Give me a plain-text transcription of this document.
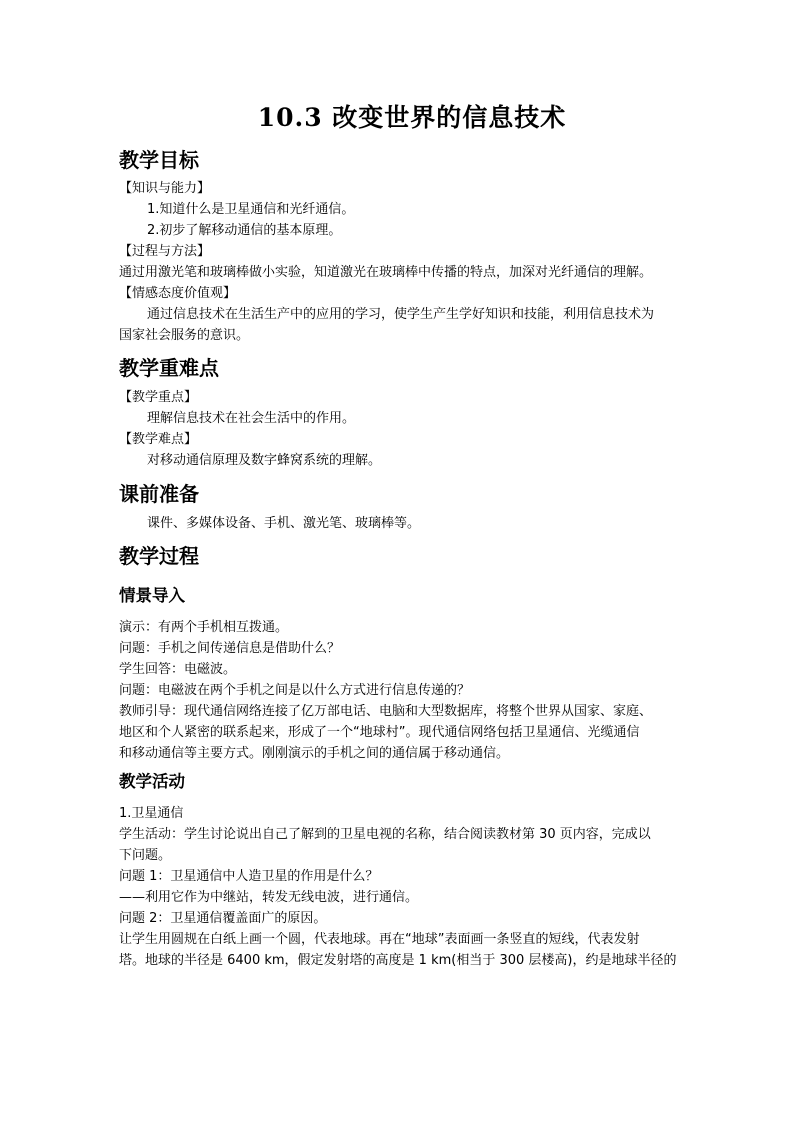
10.3 改变世界的信息技术
教学目标
【知识与能力】
1.知道什么是卫星通信和光纤通信。
2.初步了解移动通信的基本原理。
【过程与方法】
通过用激光笔和玻璃棒做小实验，知道激光在玻璃棒中传播的特点，加深对光纤通信的理解。
【情感态度价值观】
通过信息技术在生活生产中的应用的学习，使学生产生学好知识和技能，利用信息技术为
国家社会服务的意识。
教学重难点
【教学重点】
理解信息技术在社会生活中的作用。
【教学难点】
对移动通信原理及数字蜂窝系统的理解。
课前准备
课件、多媒体设备、手机、激光笔、玻璃棒等。
教学过程
情景导入
演示：有两个手机相互拨通。
问题：手机之间传递信息是借助什么？
学生回答：电磁波。
问题：电磁波在两个手机之间是以什么方式进行信息传递的？
教师引导：现代通信网络连接了亿万部电话、电脑和大型数据库，将整个世界从国家、家庭、
地区和个人紧密的联系起来，形成了一个“地球村”。现代通信网络包括卫星通信、光缆通信
和移动通信等主要方式。刚刚演示的手机之间的通信属于移动通信。
教学活动
1.卫星通信
学生活动：学生讨论说出自己了解到的卫星电视的名称，结合阅读教材第 30 页内容，完成以
下问题。
问题 1：卫星通信中人造卫星的作用是什么？
——利用它作为中继站，转发无线电波，进行通信。
问题 2：卫星通信覆盖面广的原因。
让学生用圆规在白纸上画一个圆，代表地球。再在“地球”表面画一条竖直的短线，代表发射
塔。地球的半径是 6400 km，假定发射塔的高度是 1 km(相当于 300 层楼高)，约是地球半径的
